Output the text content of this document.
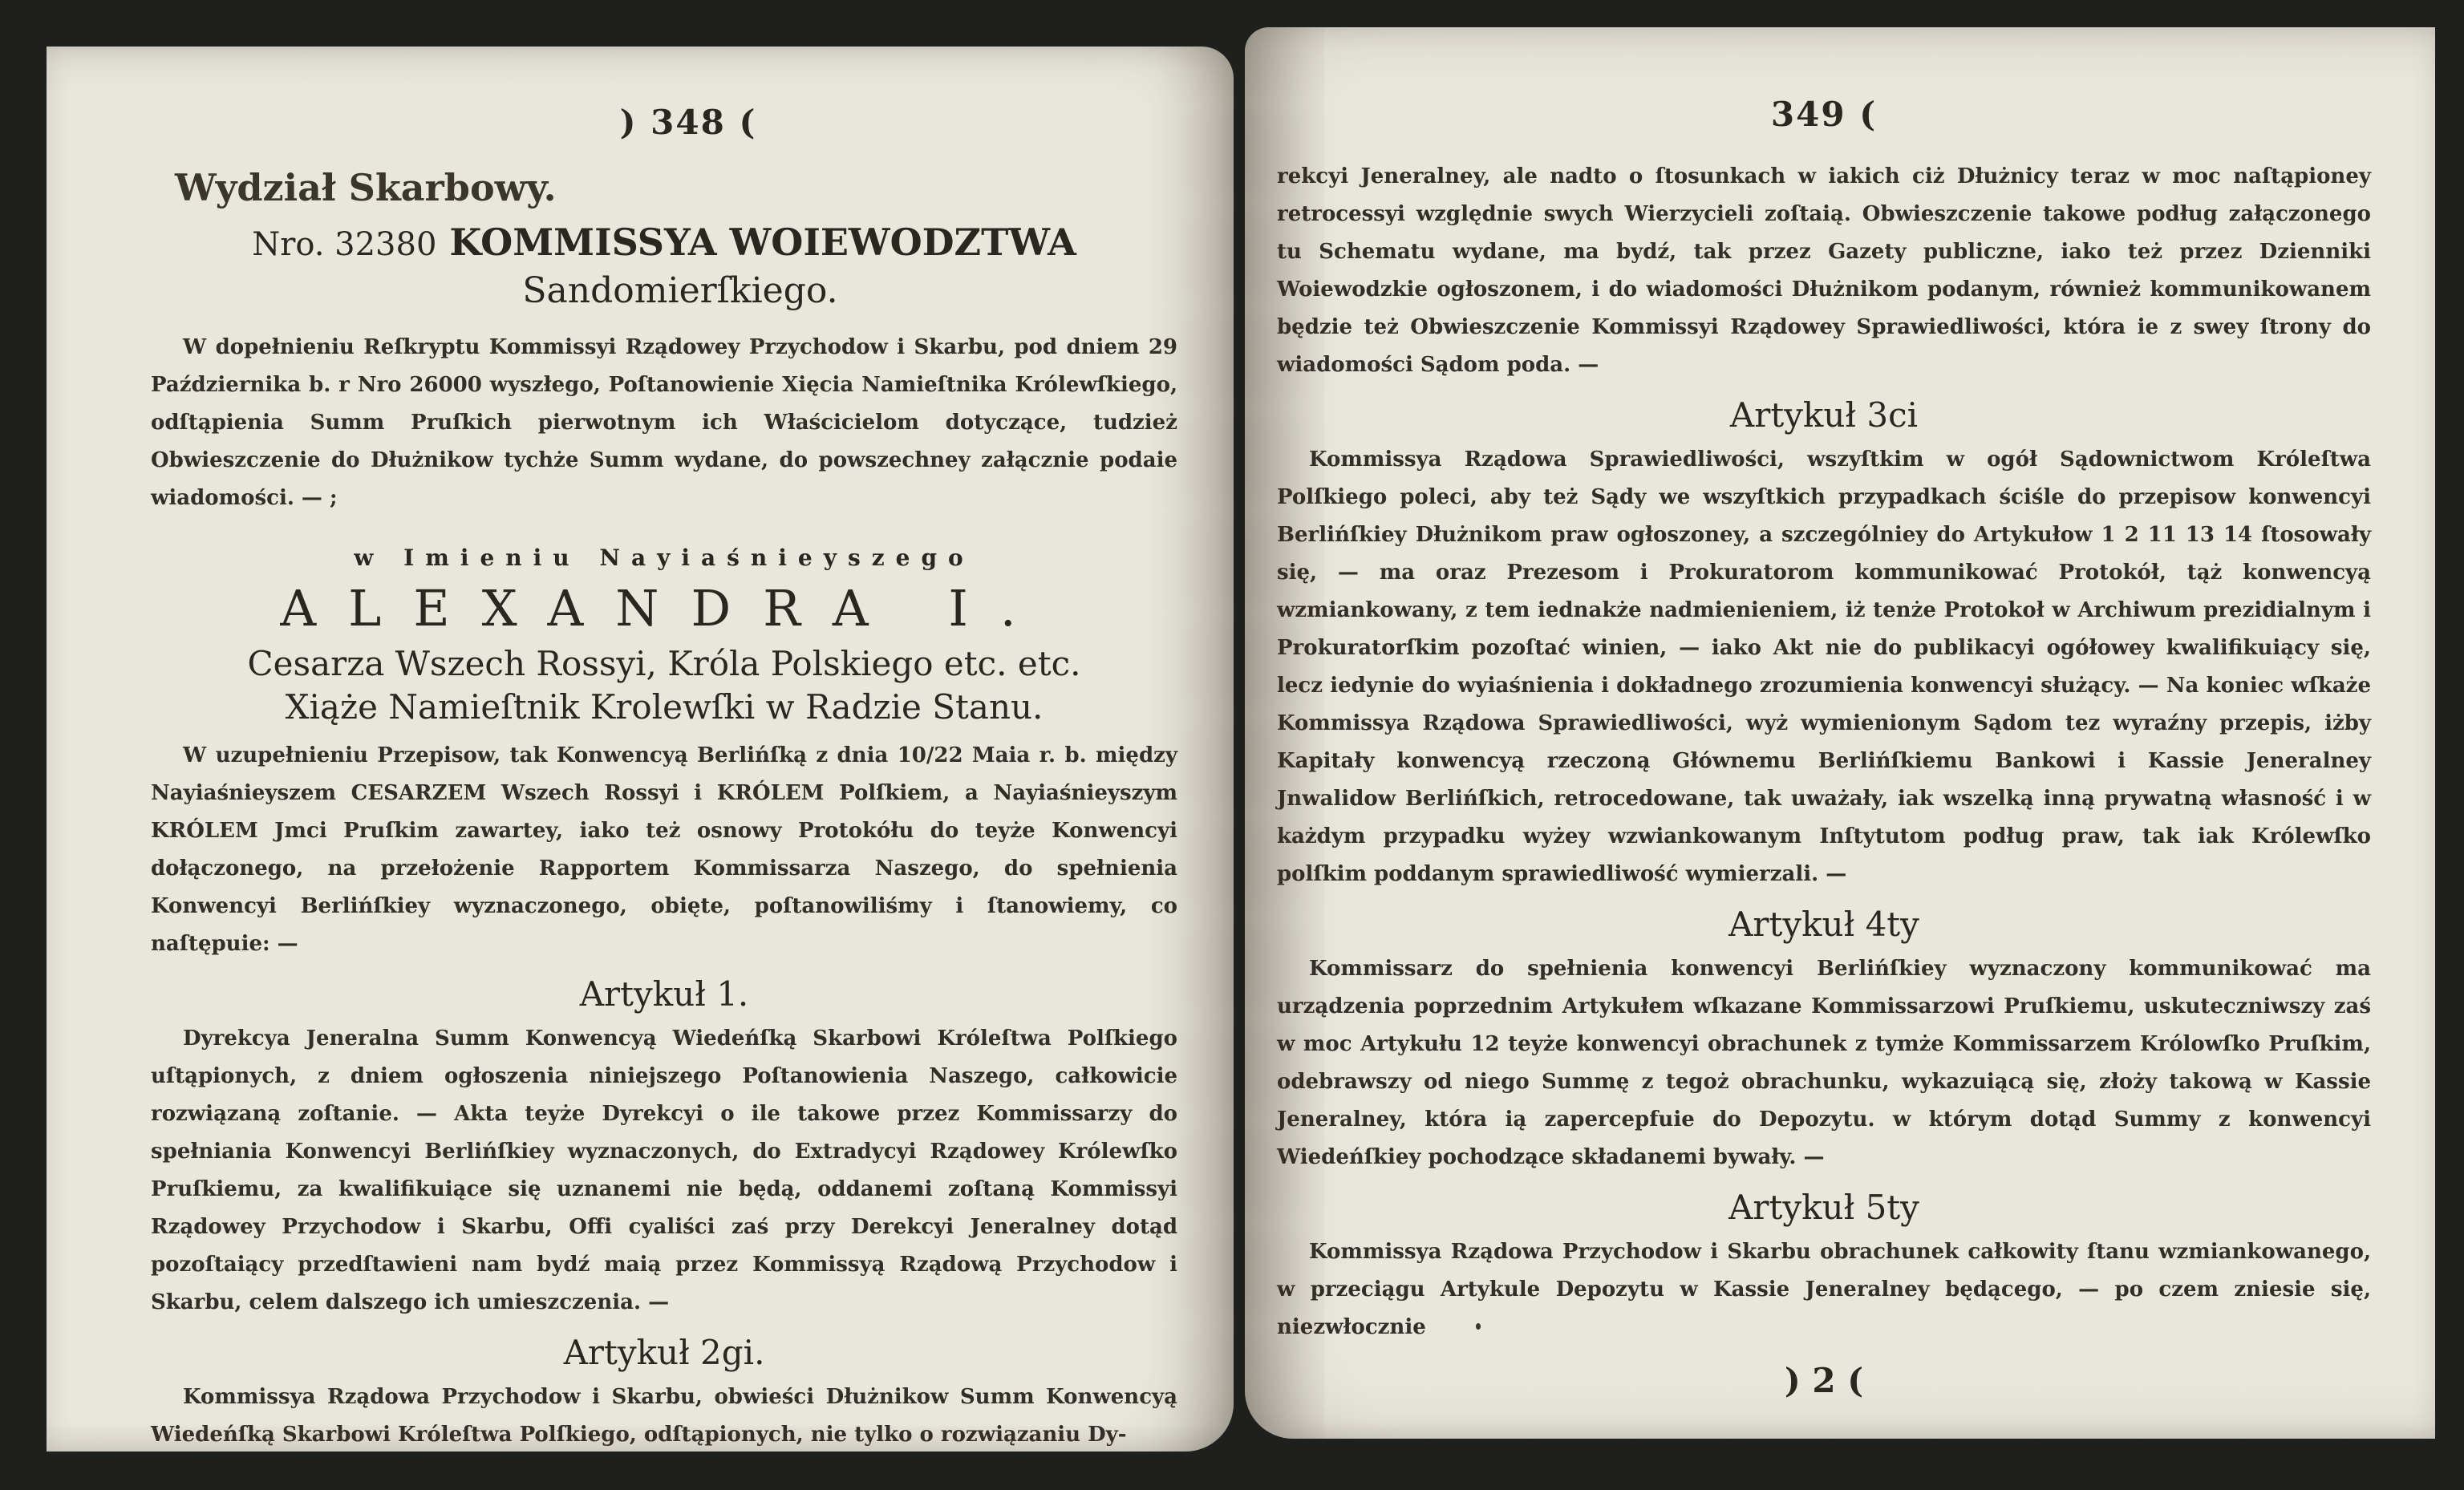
) 348 (

Wydział Skarbowy.

Nro. 32380 KOMMISSYA WOIEWODZTWA

Sandomierſkiego.

W dopełnieniu Reſkryptu Kommissyi Rządowey Przychodow i Skarbu, pod dniem 29 Października b. r Nro 26000 wyszłego, Poſtanowienie Xięcia Namieſtnika Królewſkiego, odſtąpienia Summ Pruſkich pierwotnym ich Właścicielom dotyczące, tudzież Obwieszczenie do Dłużnikow tychże Summ wydane, do powszechney załącznie podaie wiadomości. — ;

w Imieniu Nayiaśnieyszego

ALEXANDRA I.

Cesarza Wszech Rossyi, Króla Polskiego etc. etc.

Xiąże Namieſtnik Krolewſki w Radzie Stanu.

W uzupełnieniu Przepisow, tak Konwencyą Berlińſką z dnia 10/22 Maia r. b. między Nayiaśnieyszem CESARZEM Wszech Rossyi i KRÓLEM Polſkiem, a Nayiaśnieyszym KRÓLEM Jmci Pruſkim zawartey, iako też osnowy Protokółu do teyże Konwencyi dołączonego, na przełożenie Rapportem Kommissarza Naszego, do spełnienia Konwencyi Berlińſkiey wyznaczonego, obięte, poſtanowiliśmy i ſtanowiemy, co naſtępuie: —

Artykuł 1.

Dyrekcya Jeneralna Summ Konwencyą Wiedeńſką Skarbowi Króleſtwa Polſkiego uſtąpionych, z dniem ogłoszenia niniejszego Poſtanowienia Naszego, całkowicie rozwiązaną zoſtanie. — Akta teyże Dyrekcyi o ile takowe przez Kommissarzy do spełniania Konwencyi Berlińſkiey wyznaczonych, do Extradycyi Rządowey Królewſko Pruſkiemu, za kwalifikuiące się uznanemi nie będą, oddanemi zoſtaną Kommissyi Rządowey Przychodow i Skarbu, Offi cyaliści zaś przy Derekcyi Jeneralney dotąd pozoſtaiący przedſtawieni nam bydź maią przez Kommissyą Rządową Przychodow i Skarbu, celem dalszego ich umieszczenia. —

Artykuł 2gi.

Kommissya Rządowa Przychodow i Skarbu, obwieści Dłużnikow Summ Konwencyą Wiedeńſką Skarbowi Króleſtwa Polſkiego, odſtąpionych, nie tylko o rozwiązaniu Dy-

349 (

rekcyi Jeneralney, ale nadto o ſtosunkach w iakich ciż Dłużnicy teraz w moc naſtąpioney retrocessyi względnie swych Wierzycieli zoſtaią. Obwieszczenie takowe podług załączonego tu Schematu wydane, ma bydź, tak przez Gazety publiczne, iako też przez Dzienniki Woiewodzkie ogłoszonem, i do wiadomości Dłużnikom podanym, również kommunikowanem będzie też Obwieszczenie Kommissyi Rządowey Sprawiedliwości, która ie z swey ſtrony do wiadomości Sądom poda. —

Artykuł 3ci

Kommissya Rządowa Sprawiedliwości, wszyſtkim w ogół Sądownictwom Króleſtwa Polſkiego poleci, aby też Sądy we wszyſtkich przypadkach ściśle do przepisow konwencyi Berlińſkiey Dłużnikom praw ogłoszoney, a szczególniey do Artykułow 1 2 11 13 14 ſtosowały się, — ma oraz Prezesom i Prokuratorom kommunikować Protokół, tąż konwencyą wzmiankowany, z tem iednakże nadmienieniem, iż tenże Protokoł w Archiwum prezidialnym i Prokuratorſkim pozoſtać winien, — iako Akt nie do publikacyi ogółowey kwalifikuiący się, lecz iedynie do wyiaśnienia i dokładnego zrozumienia konwencyi służący. — Na koniec wſkaże Kommissya Rządowa Sprawiedliwości, wyż wymienionym Sądom tez wyraźny przepis, iżby Kapitały konwencyą rzeczoną Głównemu Berlińſkiemu Bankowi i Kassie Jeneralney Jnwalidow Berlińſkich, retrocedowane, tak uważały, iak wszelką inną prywatną własność i w każdym przypadku wyżey wzwiankowanym Inſtytutom podług praw, tak iak Królewſko polſkim poddanym sprawiedliwość wymierzali. —

Artykuł 4ty

Kommissarz do spełnienia konwencyi Berlińſkiey wyznaczony kommunikować ma urządzenia poprzednim Artykułem wſkazane Kommissarzowi Pruſkiemu, uskuteczniwszy zaś w moc Artykułu 12 teyże konwencyi obrachunek z tymże Kommissarzem Królowſko Pruſkim, odebrawszy od niego Summę z tegoż obrachunku, wykazuiącą się, złoży takową w Kassie Jeneralney, która ią zapercepfuie do Depozytu. w którym dotąd Summy z konwencyi Wiedeńſkiey pochodzące składanemi bywały. —

Artykuł 5ty

Kommissya Rządowa Przychodow i Skarbu obrachunek całkowity ſtanu wzmiankowanego, w przeciągu Artykule Depozytu w Kassie Jeneralney będącego, — po czem zniesie się, niezwłocznie

) 2 (
